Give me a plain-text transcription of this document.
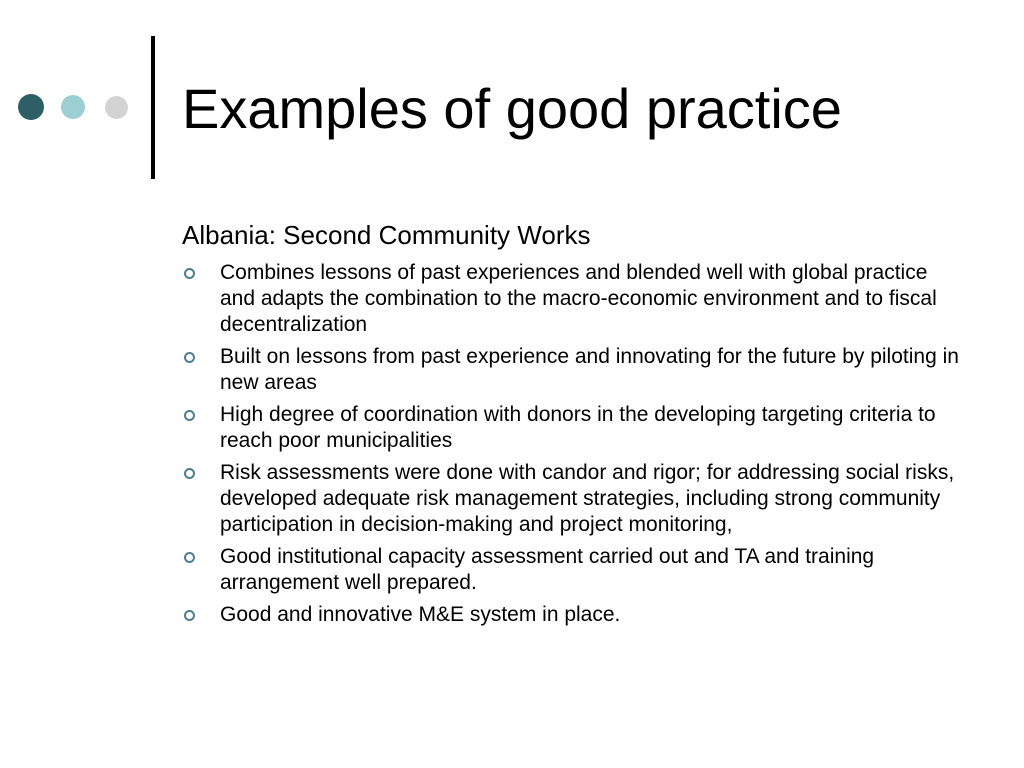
Examples of good practice

Albania: Second Community Works

Combines lessons of past experiences and blended well with global practice and adapts the combination to the macro-economic environment and to fiscal decentralization
Built on lessons from past experience and innovating for the future by piloting in new areas
High degree of coordination with donors in the developing targeting criteria to reach poor municipalities
Risk assessments were done with candor and rigor; for addressing social risks, developed adequate risk management strategies, including strong community participation in decision-making and project monitoring,
Good institutional capacity assessment carried out and TA and training arrangement well prepared.
Good and innovative M&E system in place.
